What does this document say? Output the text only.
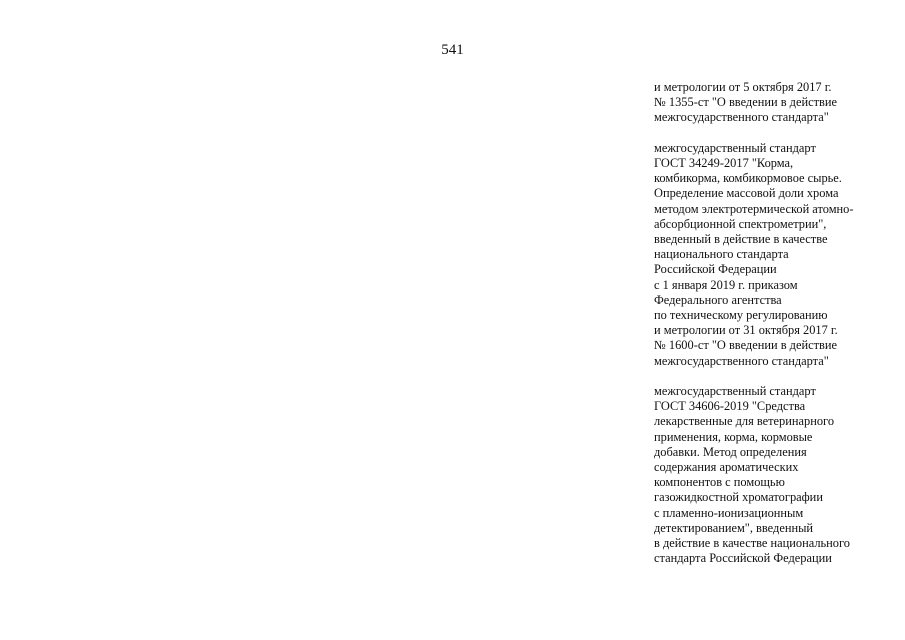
541

и метрологии от 5 октября 2017 г.
№ 1355-ст "О введении в действие
межгосударственного стандарта"

межгосударственный стандарт
ГОСТ 34249-2017 "Корма,
комбикорма, комбикормовое сырье.
Определение массовой доли хрома
методом электротермической атомно-
абсорбционной спектрометрии",
введенный в действие в качестве
национального стандарта
Российской Федерации
с 1 января 2019 г. приказом
Федерального агентства
по техническому регулированию
и метрологии от 31 октября 2017 г.
№ 1600-ст "О введении в действие
межгосударственного стандарта"

межгосударственный стандарт
ГОСТ 34606-2019 "Средства
лекарственные для ветеринарного
применения, корма, кормовые
добавки. Метод определения
содержания ароматических
компонентов с помощью
газожидкостной хроматографии
с пламенно-ионизационным
детектированием", введенный
в действие в качестве национального
стандарта Российской Федерации
